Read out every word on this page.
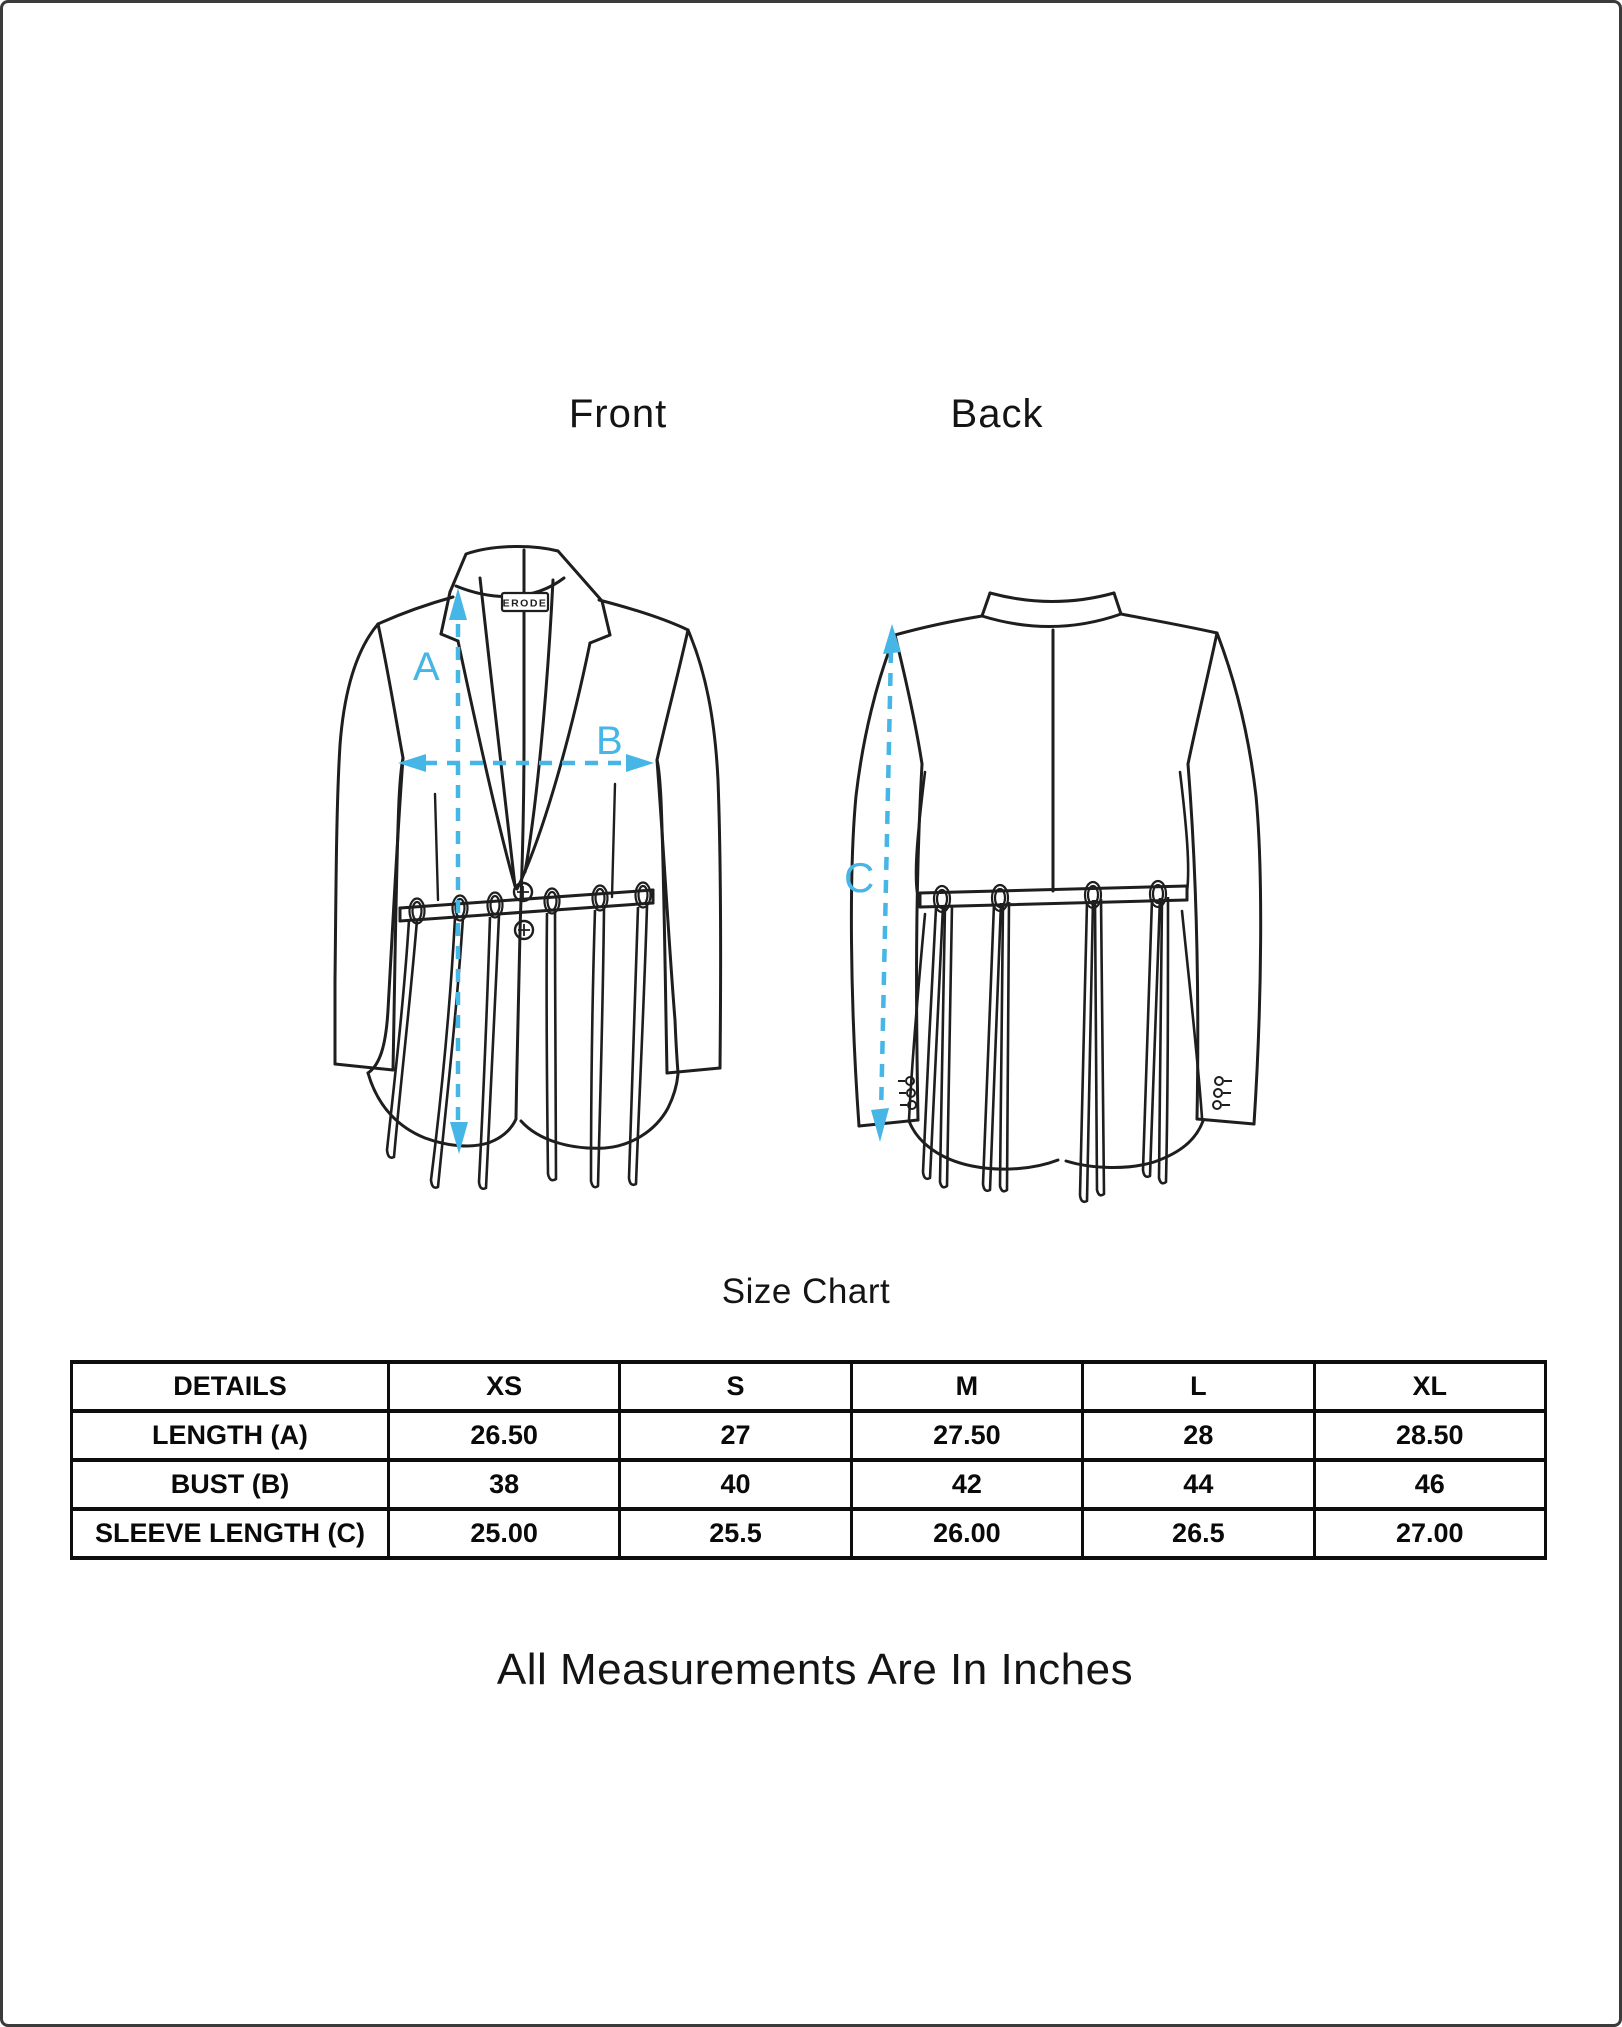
Front	Back
ERODE
A
B
C
Size Chart
DETAILS	XS	S	M	L	XL
LENGTH (A)	26.50	27	27.50	28	28.50
BUST (B)	38	40	42	44	46
SLEEVE LENGTH (C)	25.00	25.5	26.00	26.5	27.00
All Measurements Are In Inches
